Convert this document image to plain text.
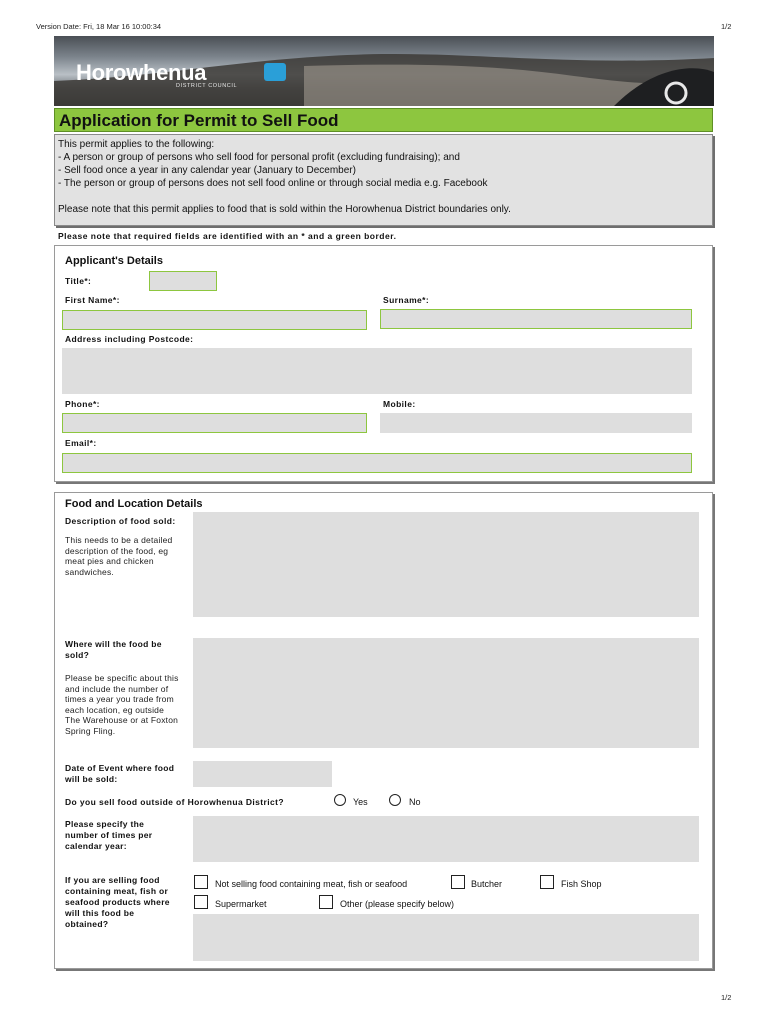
Version Date: Fri, 18 Mar 16 10:00:34	1/2
Horowhenua
DISTRICT COUNCIL
Application for Permit to Sell Food

This permit applies to the following:

- A person or group of persons who sell food for personal profit (excluding fundraising); and

- Sell food once a year in any calendar year (January to December)

- The person or group of persons does not sell food online or through social media e.g. Facebook

Please note that this permit applies to food that is sold within the Horowhenua District boundaries only.

Please note that required fields are identified with an * and a green border.
Applicant's Details
Title*:
First Name*:	Surname*:
Address including Postcode:
Phone*:	Mobile:
Email*:
Food and Location Details
Description of food sold:
This needs to be a detailed
description of the food, eg
meat pies and chicken
sandwiches.
Where will the food be
sold?
Please be specific about this
and include the number of
times a year you trade from
each location, eg outside
The Warehouse or at Foxton
Spring Fling.
Date of Event where food
will be sold:
Do you sell food outside of Horowhenua District?	Yes	No
Please specify the
number of times per
calendar year:
If you are selling food
containing meat, fish or
seafood products where
will this food be
obtained?
Not selling food containing meat, fish or seafood	Butcher	Fish Shop
Supermarket	Other (please specify below)
1/2
